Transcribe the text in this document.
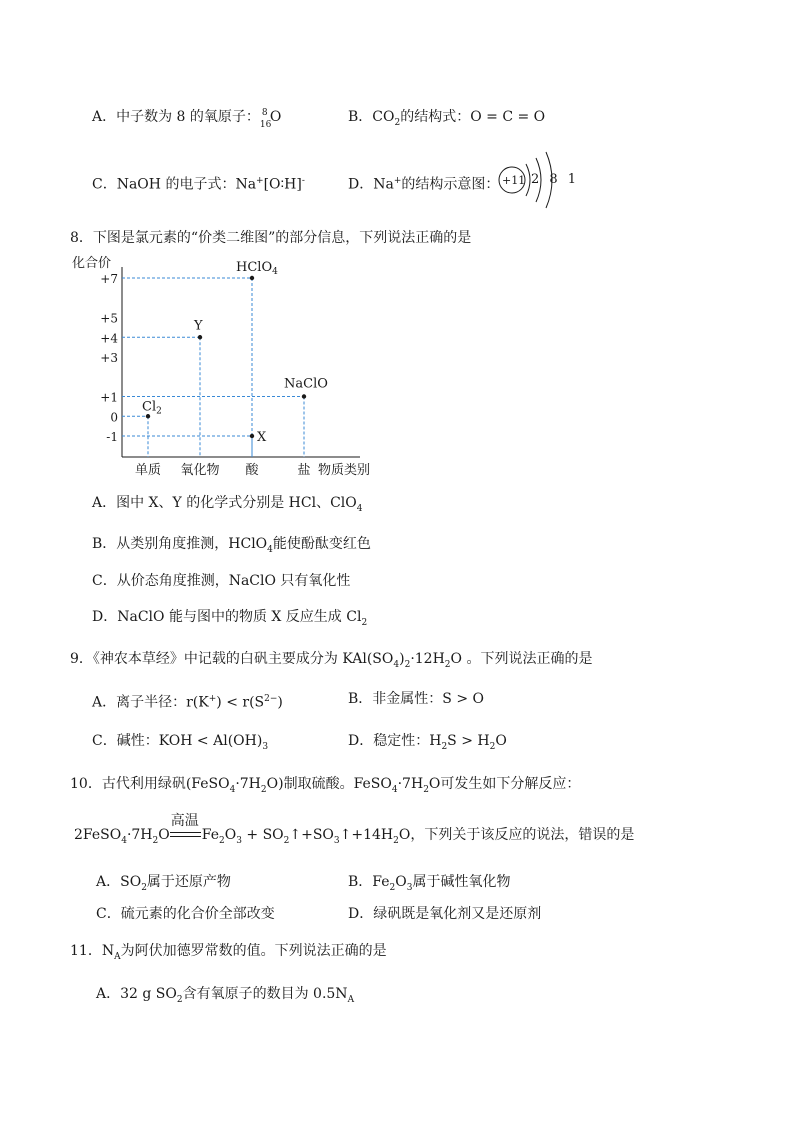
A．中子数为 8 的氧原子： 8
16
O	B．$CO_2$的结构式：O = C = O
C．NaOH 的电子式：Na+[O∶H]-	D．Na+的结构示意图： +11 2 8 1
8．下图是氯元素的“价类二维图”的部分信息，下列说法正确的是
化合价
+7
+5
+4
+3
+1
0
-1
HClO$_4$
Y
NaClO
$Cl_2$
X
单质 氧化物 酸	盐 物质类别
A．图中 X、Y 的化学式分别是 HCl、ClO$_4$
B．从类别角度推测，HClO$_4$能使酚酞变红色
C．从价态角度推测，NaClO 只有氧化性
D．NaClO 能与图中的物质 X 反应生成 $Cl_2$
9．《神农本草经》中记载的白矾主要成分为 $KAl(SO_4)_2\cdot 12H_2O$ 。下列说法正确的是
A．离子半径：$r(K^+) < r(S^{2-})$	B．非金属性：S > O
C．碱性：KOH < $Al(OH)_3$	D．稳定性：$H_2S > H_2O$
10．古代利用绿矾$(FeSO_4\cdot 7H_2O)$制取硫酸。$FeSO_4\cdot 7H_2O$可发生如下分解反应：
$2FeSO_4\cdot 7H_2O$
高温
$Fe_2O_3$ + $SO_2↑+SO_3↑+14H_2O$，下列关于该反应的说法，错误的是
A．$SO_2$属于还原产物	B．$Fe_2O_3$属于碱性氧化物
C．硫元素的化合价全部改变	D．绿矾既是氧化剂又是还原剂
11．$N_A$为阿伏加德罗常数的值。下列说法正确的是
A．32 g $SO_2$含有氧原子的数目为 $0.5N_A$
